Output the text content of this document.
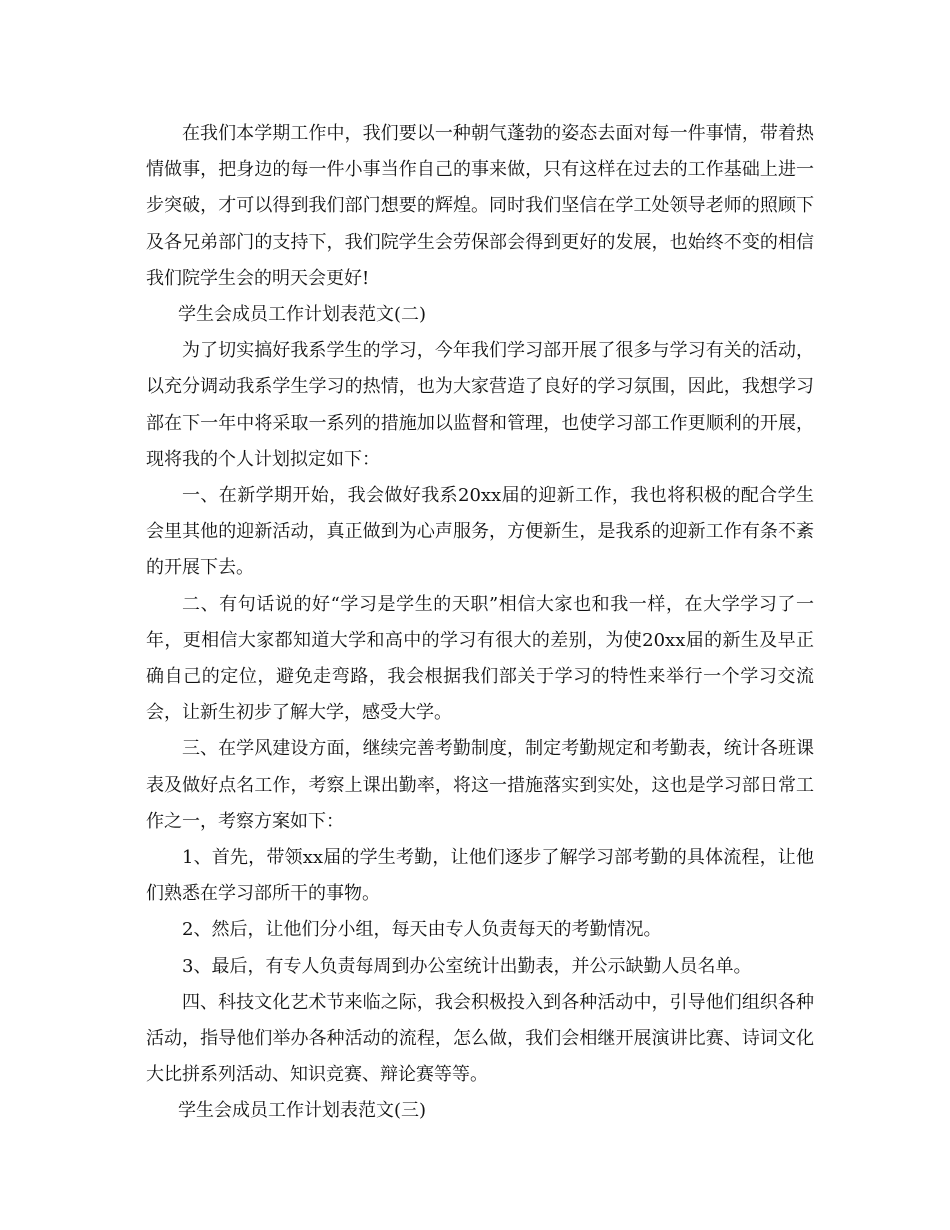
在我们本学期工作中，我们要以一种朝气蓬勃的姿态去面对每一件事情，带着热情做事，把身边的每一件小事当作自己的事来做，只有这样在过去的工作基础上进一步突破，才可以得到我们部门想要的辉煌。同时我们坚信在学工处领导老师的照顾下及各兄弟部门的支持下，我们院学生会劳保部会得到更好的发展，也始终不变的相信我们院学生会的明天会更好!

学生会成员工作计划表范文(二)

为了切实搞好我系学生的学习，今年我们学习部开展了很多与学习有关的活动，以充分调动我系学生学习的热情，也为大家营造了良好的学习氛围，因此，我想学习部在下一年中将采取一系列的措施加以监督和管理，也使学习部工作更顺利的开展，现将我的个人计划拟定如下：

一、在新学期开始，我会做好我系20xx届的迎新工作，我也将积极的配合学生会里其他的迎新活动，真正做到为心声服务，方便新生，是我系的迎新工作有条不紊的开展下去。

二、有句话说的好“学习是学生的天职”相信大家也和我一样，在大学学习了一年，更相信大家都知道大学和高中的学习有很大的差别，为使20xx届的新生及早正确自己的定位，避免走弯路，我会根据我们部关于学习的特性来举行一个学习交流会，让新生初步了解大学，感受大学。

三、在学风建设方面，继续完善考勤制度，制定考勤规定和考勤表，统计各班课表及做好点名工作，考察上课出勤率，将这一措施落实到实处，这也是学习部日常工作之一，考察方案如下：

1、首先，带领xx届的学生考勤，让他们逐步了解学习部考勤的具体流程，让他们熟悉在学习部所干的事物。

2、然后，让他们分小组，每天由专人负责每天的考勤情况。

3、最后，有专人负责每周到办公室统计出勤表，并公示缺勤人员名单。

四、科技文化艺术节来临之际，我会积极投入到各种活动中，引导他们组织各种活动，指导他们举办各种活动的流程，怎么做，我们会相继开展演讲比赛、诗词文化大比拼系列活动、知识竞赛、辩论赛等等。

学生会成员工作计划表范文(三)
